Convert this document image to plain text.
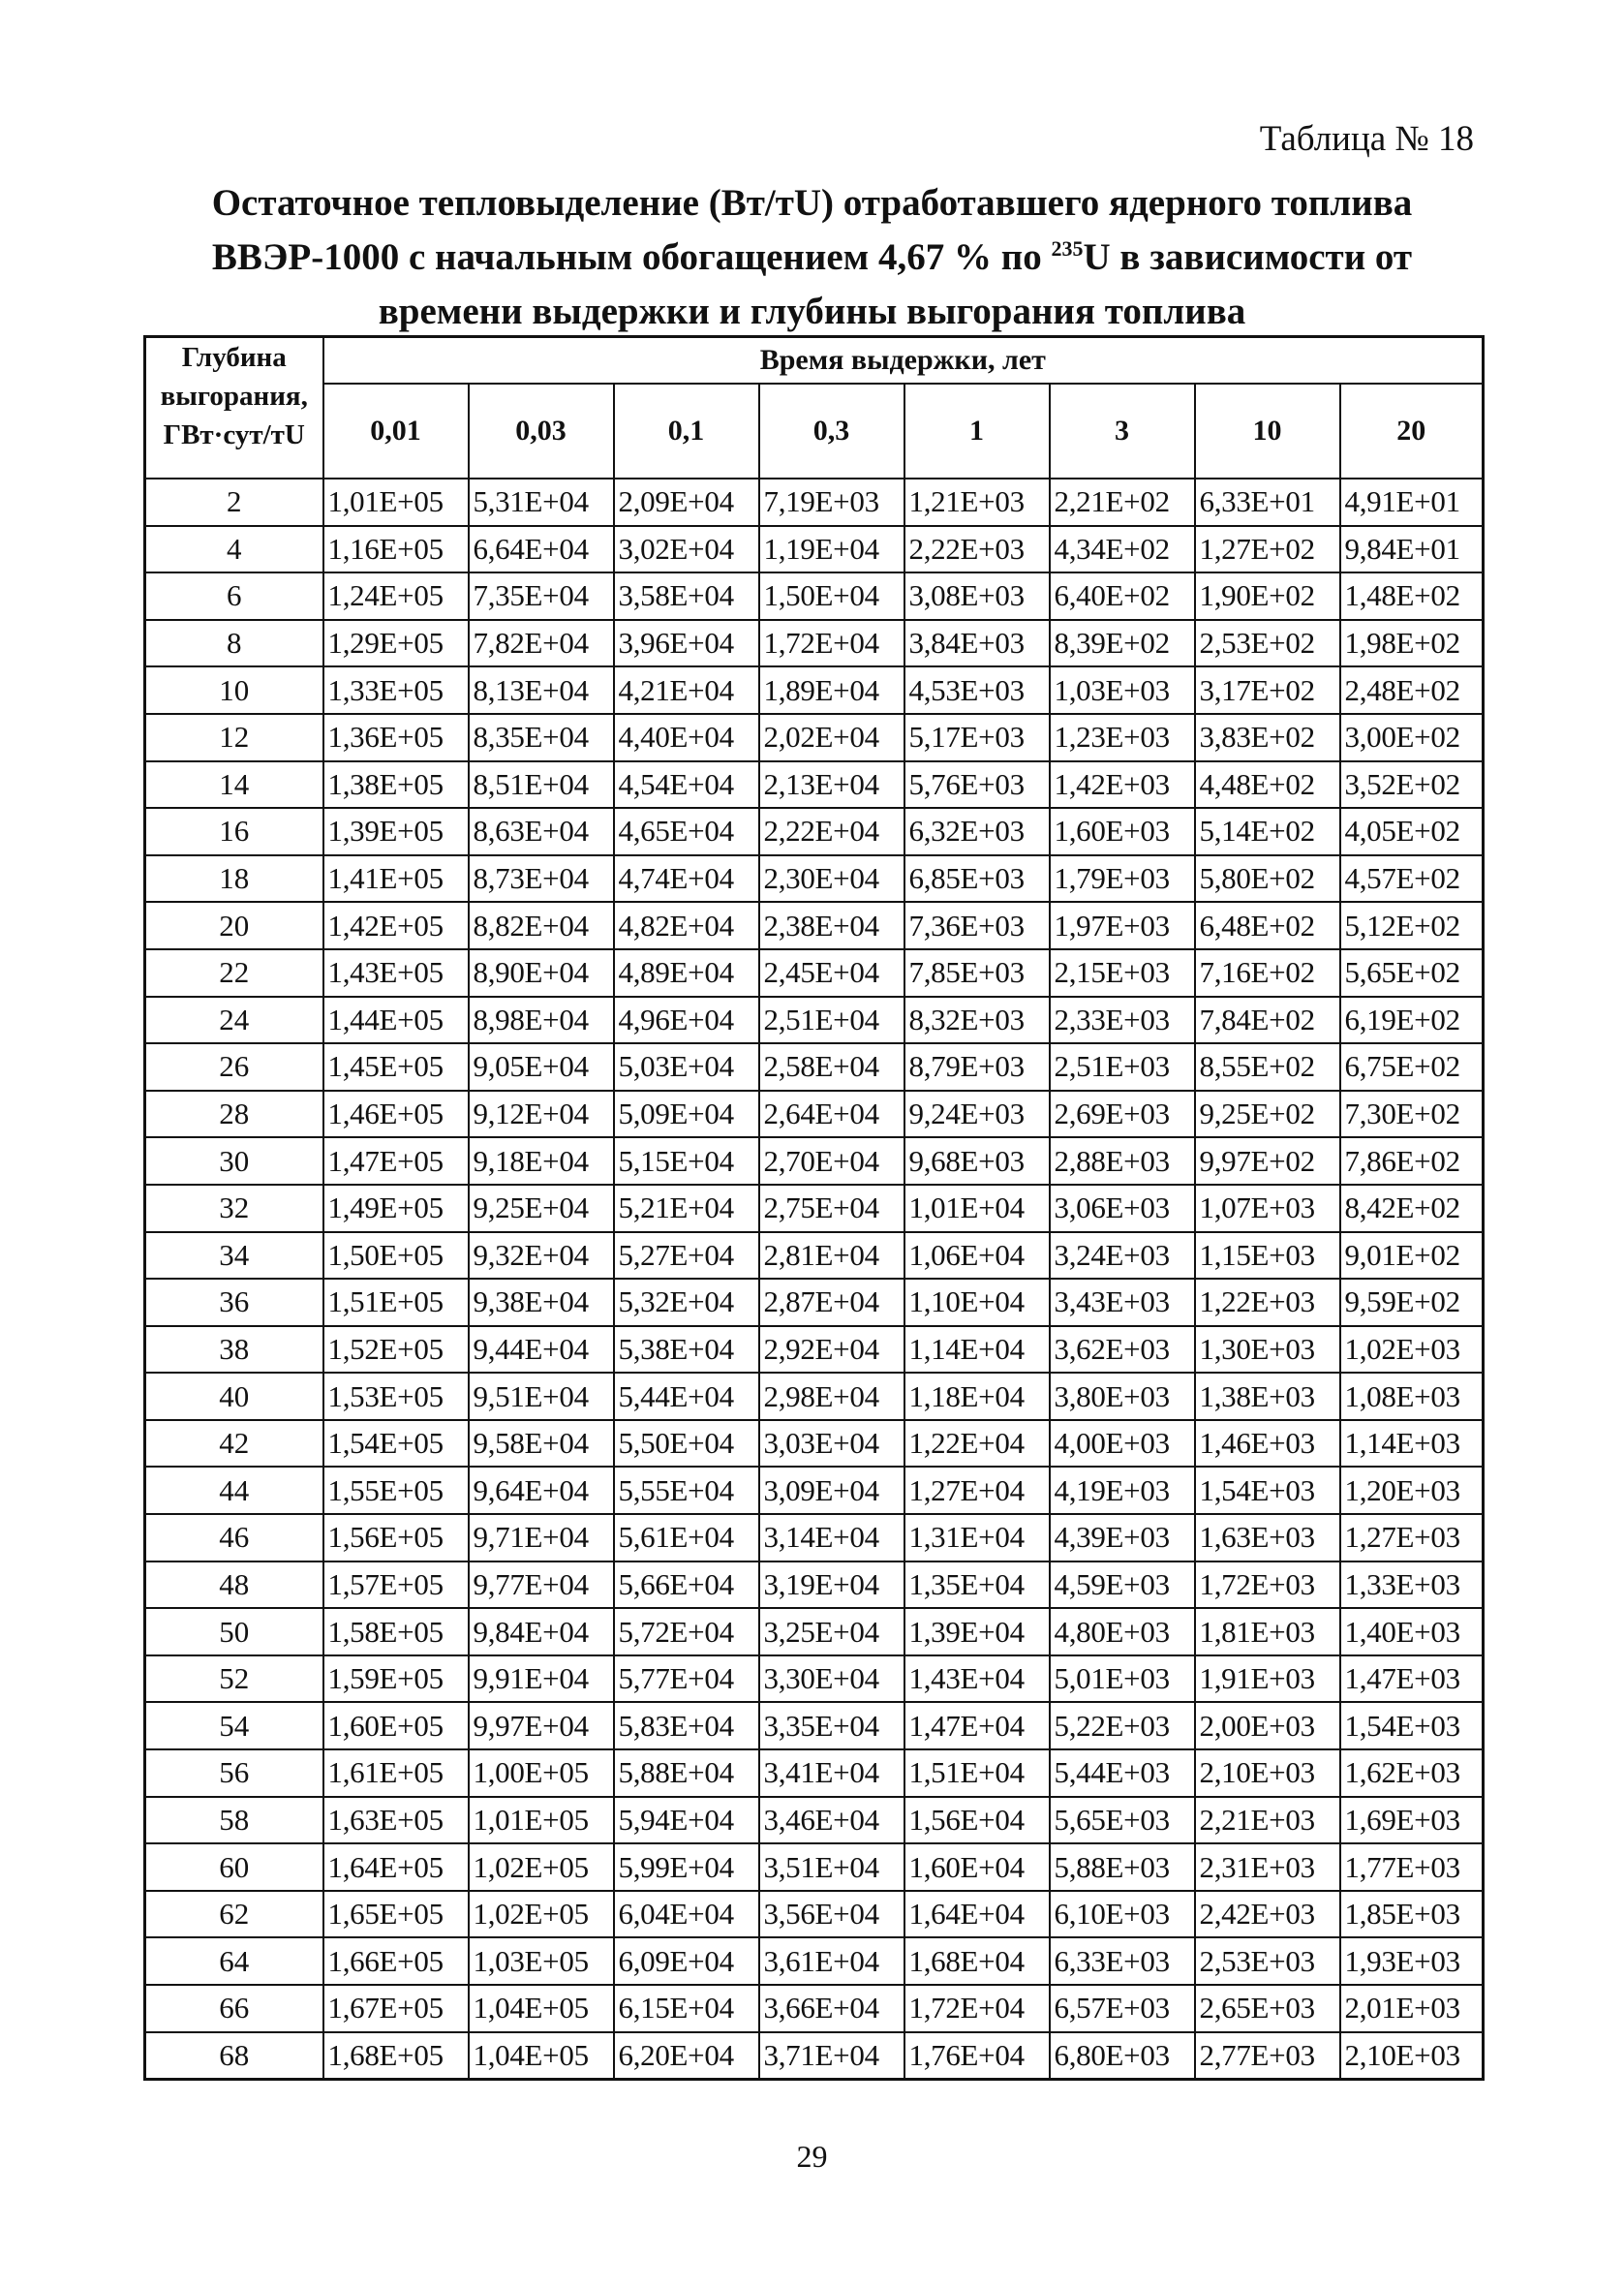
Таблица № 18
Остаточное тепловыделение (Вт/тU) отработавшего ядерного топлива ВВЭР-1000 с начальным обогащением 4,67 % по $^{235}$U в зависимости от времени выдержки и глубины выгорания топлива
Глубина
выгорания,
ГВт·сут/тU	Время выдержки, лет							
	0,01	0,03	0,1	0,3	1	3	10	20
2	1,01E+05	5,31E+04	2,09E+04	7,19E+03	1,21E+03	2,21E+02	6,33E+01	4,91E+01
4	1,16E+05	6,64E+04	3,02E+04	1,19E+04	2,22E+03	4,34E+02	1,27E+02	9,84E+01
6	1,24E+05	7,35E+04	3,58E+04	1,50E+04	3,08E+03	6,40E+02	1,90E+02	1,48E+02
8	1,29E+05	7,82E+04	3,96E+04	1,72E+04	3,84E+03	8,39E+02	2,53E+02	1,98E+02
10	1,33E+05	8,13E+04	4,21E+04	1,89E+04	4,53E+03	1,03E+03	3,17E+02	2,48E+02
12	1,36E+05	8,35E+04	4,40E+04	2,02E+04	5,17E+03	1,23E+03	3,83E+02	3,00E+02
14	1,38E+05	8,51E+04	4,54E+04	2,13E+04	5,76E+03	1,42E+03	4,48E+02	3,52E+02
16	1,39E+05	8,63E+04	4,65E+04	2,22E+04	6,32E+03	1,60E+03	5,14E+02	4,05E+02
18	1,41E+05	8,73E+04	4,74E+04	2,30E+04	6,85E+03	1,79E+03	5,80E+02	4,57E+02
20	1,42E+05	8,82E+04	4,82E+04	2,38E+04	7,36E+03	1,97E+03	6,48E+02	5,12E+02
22	1,43E+05	8,90E+04	4,89E+04	2,45E+04	7,85E+03	2,15E+03	7,16E+02	5,65E+02
24	1,44E+05	8,98E+04	4,96E+04	2,51E+04	8,32E+03	2,33E+03	7,84E+02	6,19E+02
26	1,45E+05	9,05E+04	5,03E+04	2,58E+04	8,79E+03	2,51E+03	8,55E+02	6,75E+02
28	1,46E+05	9,12E+04	5,09E+04	2,64E+04	9,24E+03	2,69E+03	9,25E+02	7,30E+02
30	1,47E+05	9,18E+04	5,15E+04	2,70E+04	9,68E+03	2,88E+03	9,97E+02	7,86E+02
32	1,49E+05	9,25E+04	5,21E+04	2,75E+04	1,01E+04	3,06E+03	1,07E+03	8,42E+02
34	1,50E+05	9,32E+04	5,27E+04	2,81E+04	1,06E+04	3,24E+03	1,15E+03	9,01E+02
36	1,51E+05	9,38E+04	5,32E+04	2,87E+04	1,10E+04	3,43E+03	1,22E+03	9,59E+02
38	1,52E+05	9,44E+04	5,38E+04	2,92E+04	1,14E+04	3,62E+03	1,30E+03	1,02E+03
40	1,53E+05	9,51E+04	5,44E+04	2,98E+04	1,18E+04	3,80E+03	1,38E+03	1,08E+03
42	1,54E+05	9,58E+04	5,50E+04	3,03E+04	1,22E+04	4,00E+03	1,46E+03	1,14E+03
44	1,55E+05	9,64E+04	5,55E+04	3,09E+04	1,27E+04	4,19E+03	1,54E+03	1,20E+03
46	1,56E+05	9,71E+04	5,61E+04	3,14E+04	1,31E+04	4,39E+03	1,63E+03	1,27E+03
48	1,57E+05	9,77E+04	5,66E+04	3,19E+04	1,35E+04	4,59E+03	1,72E+03	1,33E+03
50	1,58E+05	9,84E+04	5,72E+04	3,25E+04	1,39E+04	4,80E+03	1,81E+03	1,40E+03
52	1,59E+05	9,91E+04	5,77E+04	3,30E+04	1,43E+04	5,01E+03	1,91E+03	1,47E+03
54	1,60E+05	9,97E+04	5,83E+04	3,35E+04	1,47E+04	5,22E+03	2,00E+03	1,54E+03
56	1,61E+05	1,00E+05	5,88E+04	3,41E+04	1,51E+04	5,44E+03	2,10E+03	1,62E+03
58	1,63E+05	1,01E+05	5,94E+04	3,46E+04	1,56E+04	5,65E+03	2,21E+03	1,69E+03
60	1,64E+05	1,02E+05	5,99E+04	3,51E+04	1,60E+04	5,88E+03	2,31E+03	1,77E+03
62	1,65E+05	1,02E+05	6,04E+04	3,56E+04	1,64E+04	6,10E+03	2,42E+03	1,85E+03
64	1,66E+05	1,03E+05	6,09E+04	3,61E+04	1,68E+04	6,33E+03	2,53E+03	1,93E+03
66	1,67E+05	1,04E+05	6,15E+04	3,66E+04	1,72E+04	6,57E+03	2,65E+03	2,01E+03
68	1,68E+05	1,04E+05	6,20E+04	3,71E+04	1,76E+04	6,80E+03	2,77E+03	2,10E+03
29
